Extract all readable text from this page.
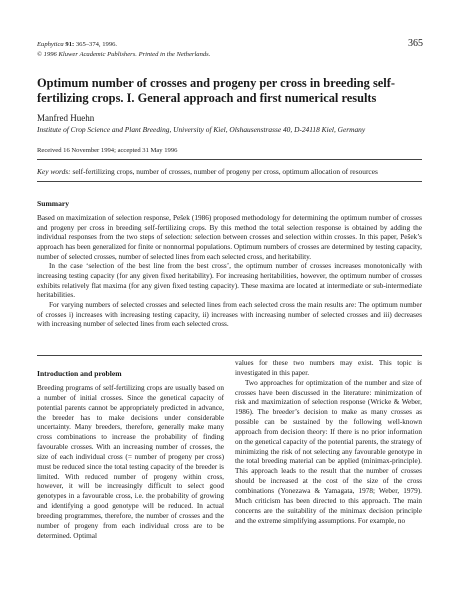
Euphytica 91: 365–374, 1996.
© 1996 Kluwer Academic Publishers. Printed in the Netherlands.
365
Optimum number of crosses and progeny per cross in breeding self-fertilizing crops. I. General approach and first numerical results
Manfred Huehn
Institute of Crop Science and Plant Breeding, University of Kiel, Olshausenstrasse 40, D-24118 Kiel, Germany
Received 16 November 1994; accepted 31 May 1996
Key words: self-fertilizing crops, number of crosses, number of progeny per cross, optimum allocation of resources
Summary

Based on maximization of selection response, Pešek (1986) proposed methodology for determining the optimum number of crosses and progeny per cross in breeding self-fertilizing crops. By this method the total selection response is obtained by adding the individual responses from the two steps of selection: selection between crosses and selection within crosses. In this paper, Pešek’s approach has been generalized for finite or nonnormal populations. Optimum numbers of crosses are determined by testing capacity, number of selected crosses, number of selected lines from each selected cross, and heritability.

In the case ‘selection of the best line from the best cross’, the optimum number of crosses increases monotonically with increasing testing capacity (for any given fixed heritability). For increasing heritabilities, however, the optimum number of crosses exhibits relatively flat maxima (for any given fixed testing capacity). These maxima are located at intermediate or sub-intermediate heritabilities.

For varying numbers of selected crosses and selected lines from each selected cross the main results are: The optimum number of crosses i) increases with increasing testing capacity, ii) increases with increasing number of selected crosses and iii) decreases with increasing number of selected lines from each selected cross.

Introduction and problem

Breeding programs of self-fertilizing crops are usually based on a number of initial crosses. Since the genetical capacity of potential parents cannot be appropriately predicted in advance, the breeder has to make decisions under considerable uncertainty. Many breeders, therefore, generally make many cross combinations to increase the probability of finding favourable crosses. With an increasing number of crosses, the size of each individual cross (= number of progeny per cross) must be reduced since the total testing capacity of the breeder is limited. With reduced number of progeny within cross, however, it will be increasingly difficult to select good genotypes in a favourable cross, i.e. the probability of growing and identifying a good genotype will be reduced. In actual breeding programmes, therefore, the number of crosses and the number of progeny from each individual cross are to be determined. Optimal

values for these two numbers may exist. This topic is investigated in this paper.

Two approaches for optimization of the number and size of crosses have been discussed in the literature: minimization of risk and maximization of selection response (Wricke & Weber, 1986). The breeder’s decision to make as many crosses as possible can be sustained by the following well-known approach from decision theory: If there is no prior information on the genetical capacity of the potential parents, the strategy of minimizing the risk of not selecting any favourable genotype in the total breeding material can be applied (minimax-principle). This approach leads to the result that the number of crosses should be increased at the cost of the size of the cross combinations (Yonezawa & Yamagata, 1978; Weber, 1979). Much criticism has been directed to this approach. The main concerns are the suitability of the minimax decision principle and the extreme simplifying assumptions. For example, no
